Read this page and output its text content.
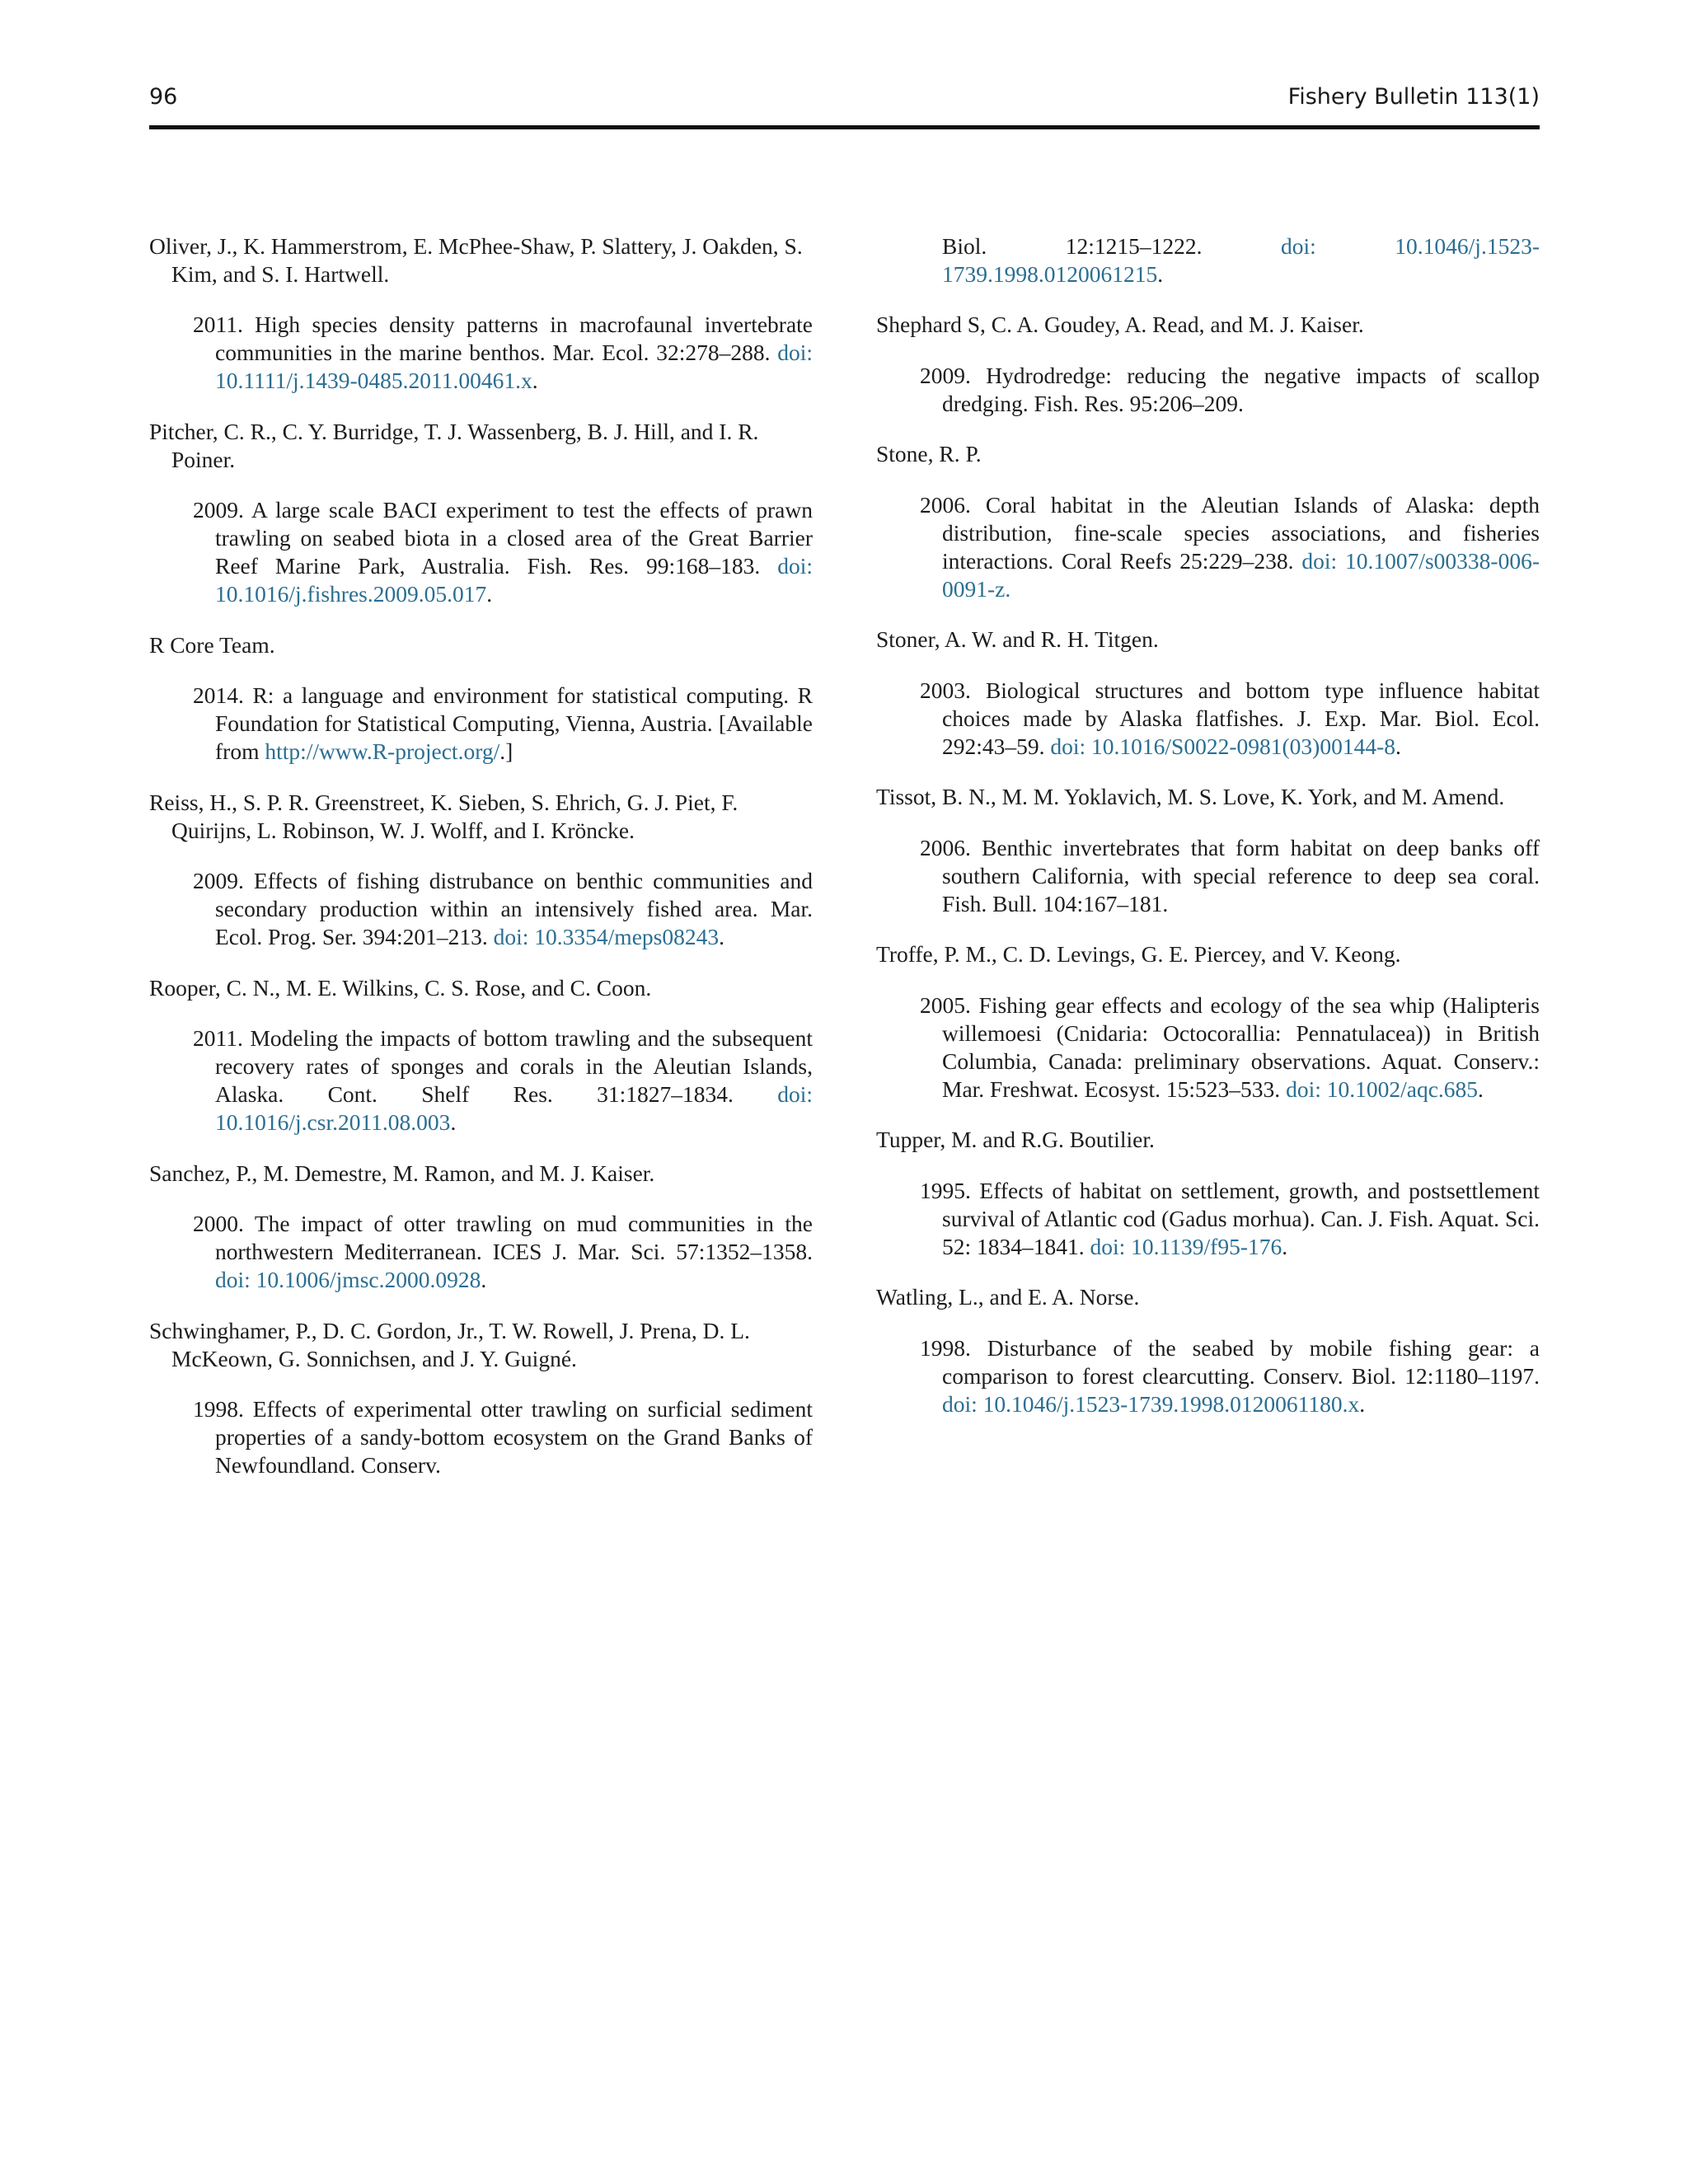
96	Fishery Bulletin 113(1)

Oliver, J., K. Hammerstrom, E. McPhee-Shaw, P. Slattery, J. Oakden, S. Kim, and S. I. Hartwell.

2011. High species density patterns in macrofaunal invertebrate communities in the marine benthos. Mar. Ecol. 32:278–288. doi: 10.1111/j.1439-0485.2011.00461.x.

Pitcher, C. R., C. Y. Burridge, T. J. Wassenberg, B. J. Hill, and I. R. Poiner.

2009. A large scale BACI experiment to test the effects of prawn trawling on seabed biota in a closed area of the Great Barrier Reef Marine Park, Australia. Fish. Res. 99:168–183. doi: 10.1016/j.fishres.2009.05.017.

R Core Team.

2014. R: a language and environment for statistical computing. R Foundation for Statistical Computing, Vienna, Austria. [Available from http://www.R-project.org/.]

Reiss, H., S. P. R. Greenstreet, K. Sieben, S. Ehrich, G. J. Piet, F. Quirijns, L. Robinson, W. J. Wolff, and I. Kröncke.

2009. Effects of fishing distrubance on benthic communities and secondary production within an intensively fished area. Mar. Ecol. Prog. Ser. 394:201–213. doi: 10.3354/meps08243.

Rooper, C. N., M. E. Wilkins, C. S. Rose, and C. Coon.

2011. Modeling the impacts of bottom trawling and the subsequent recovery rates of sponges and corals in the Aleutian Islands, Alaska. Cont. Shelf Res. 31:1827–1834. doi: 10.1016/j.csr.2011.08.003.

Sanchez, P., M. Demestre, M. Ramon, and M. J. Kaiser.

2000. The impact of otter trawling on mud communities in the northwestern Mediterranean. ICES J. Mar. Sci. 57:1352–1358. doi: 10.1006/jmsc.2000.0928.

Schwinghamer, P., D. C. Gordon, Jr., T. W. Rowell, J. Prena, D. L. McKeown, G. Sonnichsen, and J. Y. Guigné.

1998. Effects of experimental otter trawling on surficial sediment properties of a sandy-bottom ecosystem on the Grand Banks of Newfoundland. Conserv.

Biol. 12:1215–1222.	doi: 10.1046/j.1523-1739.1998.0120061215.

Shephard S, C. A. Goudey, A. Read, and M. J. Kaiser.

2009. Hydrodredge: reducing the negative impacts of scallop dredging. Fish. Res. 95:206–209.

Stone, R. P.

2006. Coral habitat in the Aleutian Islands of Alaska: depth distribution, fine-scale species associations, and fisheries interactions. Coral Reefs 25:229–238. doi: 10.1007/s00338-006-0091-z.

Stoner, A. W. and R. H. Titgen.

2003. Biological structures and bottom type influence habitat choices made by Alaska flatfishes. J. Exp. Mar. Biol. Ecol. 292:43–59. doi: 10.1016/S0022-0981(03)00144-8.

Tissot, B. N., M. M. Yoklavich, M. S. Love, K. York, and M. Amend.

2006. Benthic invertebrates that form habitat on deep banks off southern California, with special reference to deep sea coral. Fish. Bull. 104:167–181.

Troffe, P. M., C. D. Levings, G. E. Piercey, and V. Keong.

2005. Fishing gear effects and ecology of the sea whip (Halipteris willemoesi (Cnidaria: Octocorallia: Pennatulacea)) in British Columbia, Canada: preliminary observations. Aquat. Conserv.: Mar. Freshwat. Ecosyst. 15:523–533. doi: 10.1002/aqc.685.

Tupper, M. and R.G. Boutilier.

1995. Effects of habitat on settlement, growth, and postsettlement survival of Atlantic cod (Gadus morhua). Can. J. Fish. Aquat. Sci. 52: 1834–1841. doi: 10.1139/f95-176.

Watling, L., and E. A. Norse.

1998. Disturbance of the seabed by mobile fishing gear: a comparison to forest clearcutting. Conserv. Biol. 12:1180–1197. doi: 10.1046/j.1523-1739.1998.0120061180.x.
